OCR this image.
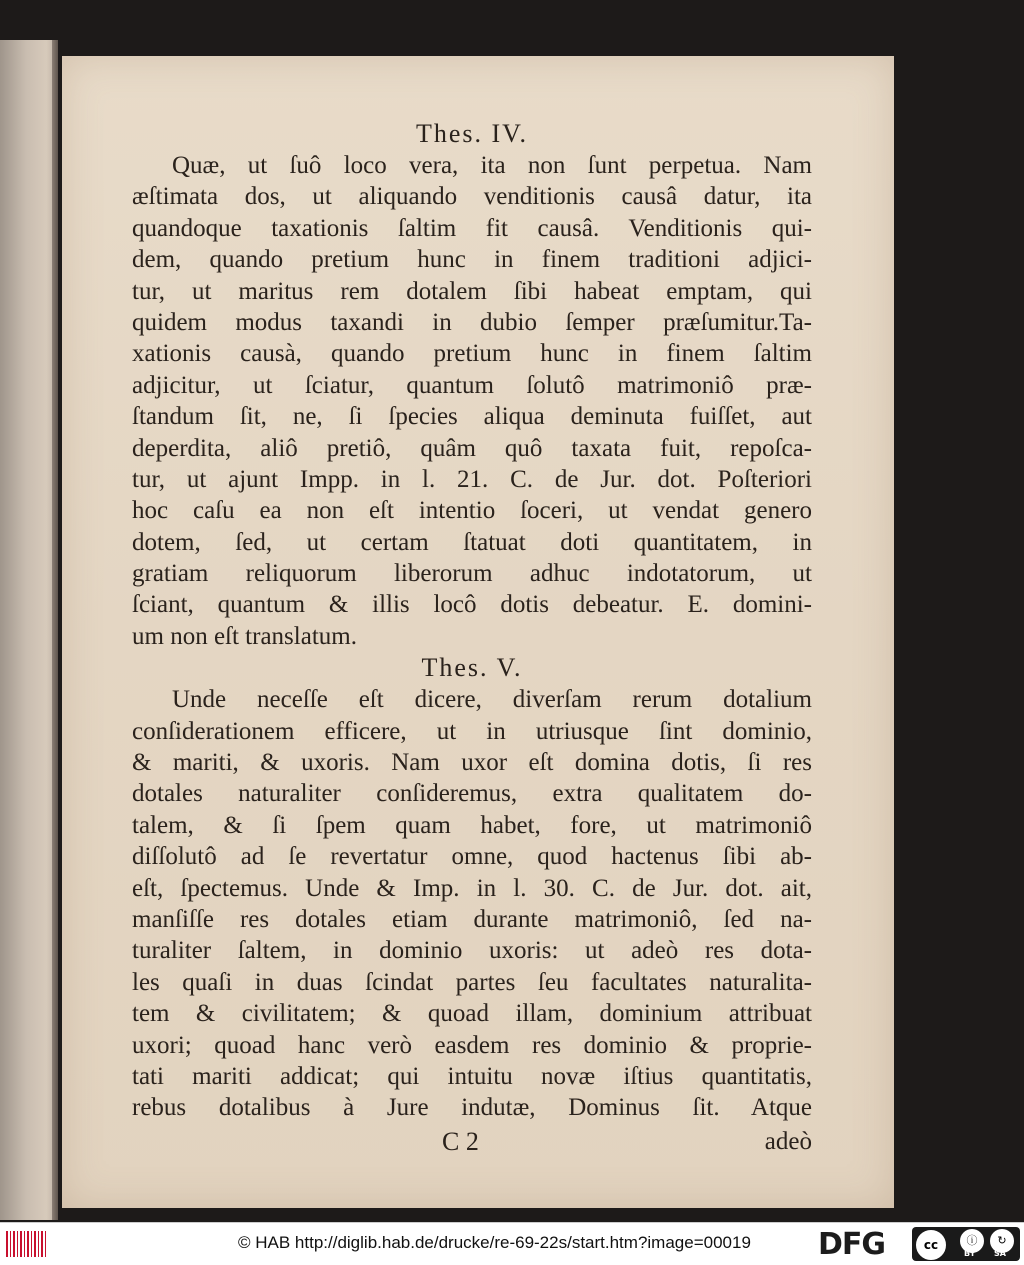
Thes. IV.
Quæ, ut ſuô loco vera, ita non ſunt perpetua. Nam
æſtimata dos, ut aliquando venditionis causâ datur, ita
quandoque taxationis ſaltim fit causâ. Venditionis qui-
dem, quando pretium hunc in finem traditioni adjici-
tur, ut maritus rem dotalem ſibi habeat emptam, qui
quidem modus taxandi in dubio ſemper præſumitur.Ta-
xationis causà, quando pretium hunc in finem ſaltim
adjicitur, ut ſciatur, quantum ſolutô matrimoniô præ-
ſtandum ſit, ne, ſi ſpecies aliqua deminuta fuiſſet, aut
deperdita, aliô pretiô, quâm quô taxata fuit, repoſca-
tur, ut ajunt Impp. in l. 21. C. de Jur. dot. Poſteriori
hoc caſu ea non eſt intentio ſoceri, ut vendat genero
dotem, ſed, ut certam ſtatuat doti quantitatem, in
gratiam reliquorum liberorum adhuc indotatorum, ut
ſciant, quantum & illis locô dotis debeatur. E. domini-
um non eſt translatum.
Thes. V.
Unde neceſſe eſt dicere, diverſam rerum dotalium
conſiderationem efficere, ut in utriusque ſint dominio,
& mariti, & uxoris. Nam uxor eſt domina dotis, ſi res
dotales naturaliter conſideremus, extra qualitatem do-
talem, & ſi ſpem quam habet, fore, ut matrimoniô
diſſolutô ad ſe revertatur omne, quod hactenus ſibi ab-
eſt, ſpectemus. Unde & Imp. in l. 30. C. de Jur. dot. ait,
manſiſſe res dotales etiam durante matrimoniô, ſed na-
turaliter ſaltem, in dominio uxoris: ut adeò res dota-
les quaſi in duas ſcindat partes ſeu facultates naturalita-
tem & civilitatem; & quoad illam, dominium attribuat
uxori; quoad hanc verò easdem res dominio & proprie-
tati mariti addicat; qui intuitu novæ iſtius quantitatis,
rebus dotalibus à Jure indutæ, Dominus ſit. Atque
C 2	adeò
© HAB http://diglib.hab.de/drucke/re-69-22s/start.htm?image=00019 DFG	cc	ⓘ	↻
BY SA
